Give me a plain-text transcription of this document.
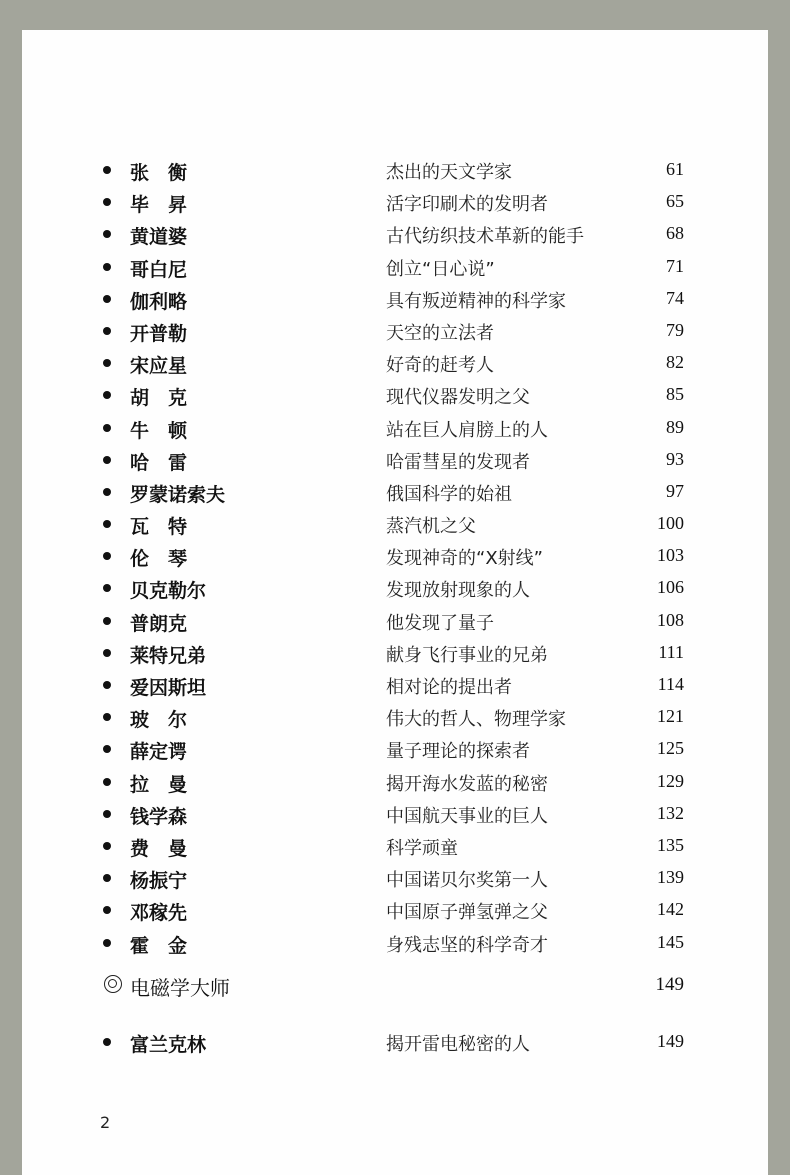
张　衡	杰出的天文学家	61
毕　昇	活字印刷术的发明者	65
黄道婆	古代纺织技术革新的能手	68
哥白尼	创立“日心说”	71
伽利略	具有叛逆精神的科学家	74
开普勒	天空的立法者	79
宋应星	好奇的赶考人	82
胡　克	现代仪器发明之父	85
牛　顿	站在巨人肩膀上的人	89
哈　雷	哈雷彗星的发现者	93
罗蒙诺索夫	俄国科学的始祖	97
瓦　特	蒸汽机之父	100
伦　琴	发现神奇的“X射线”	103
贝克勒尔	发现放射现象的人	106
普朗克	他发现了量子	108
莱特兄弟	献身飞行事业的兄弟	111
爱因斯坦	相对论的提出者	114
玻　尔	伟大的哲人、物理学家	121
薛定谔	量子理论的探索者	125
拉　曼	揭开海水发蓝的秘密	129
钱学森	中国航天事业的巨人	132
费　曼	科学顽童	135
杨振宁	中国诺贝尔奖第一人	139
邓稼先	中国原子弹氢弹之父	142
霍　金	身残志坚的科学奇才	145
电磁学大师	149
富兰克林	揭开雷电秘密的人	149
2
